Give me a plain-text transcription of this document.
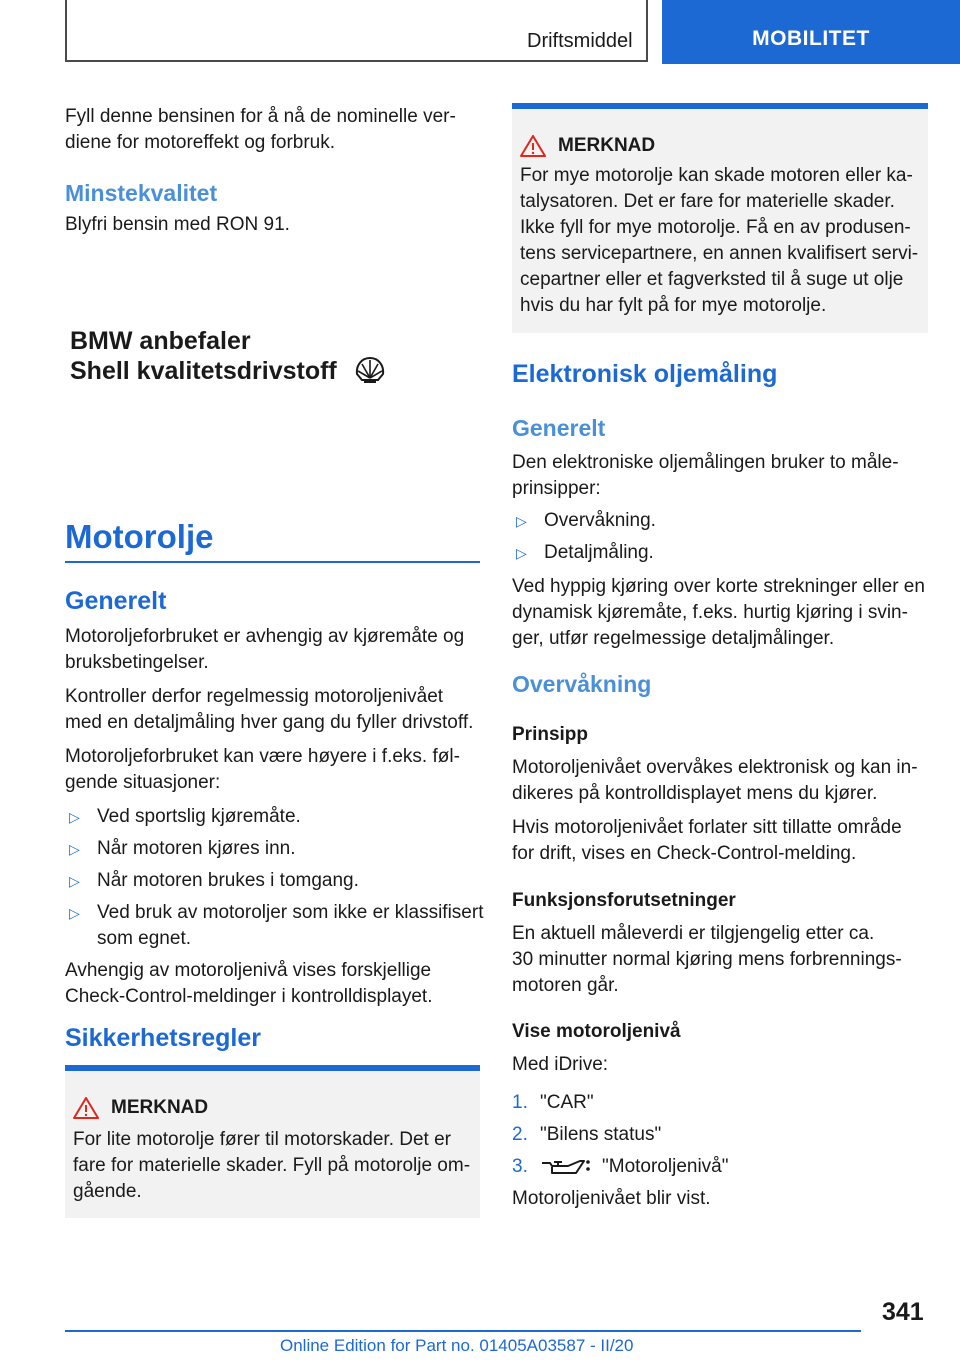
Driftsmiddel	MOBILITET

Fyll denne bensinen for å nå de nominelle ver-

diene for motoreffekt og forbruk.

Minstekvalitet

Blyfri bensin med RON 91.

BMW anbefaler
Shell kvalitetsdrivstoff
Motorolje
Generelt

Motoroljeforbruket er avhengig av kjøremåte og

bruksbetingelser.

Kontroller derfor regelmessig motoroljenivået

med en detaljmåling hver gang du fyller drivstoff.

Motoroljeforbruket kan være høyere i f.eks. føl-

gende situasjoner:

▷ Ved sportslig kjøremåte.
▷ Når motoren kjøres inn.
▷ Når motoren brukes i tomgang.
▷ Ved bruk av motoroljer som ikke er klassifisert som egnet.

Avhengig av motoroljenivå vises forskjellige

Check-Control-meldinger i kontrolldisplayet.

Sikkerhetsregler
MERKNAD

For lite motorolje fører til motorskader. Det er

fare for materielle skader. Fyll på motorolje om-

gående.

MERKNAD

For mye motorolje kan skade motoren eller ka-

talysatoren. Det er fare for materielle skader.

Ikke fyll for mye motorolje. Få en av produsen-

tens servicepartnere, en annen kvalifisert servi-

cepartner eller et fagverksted til å suge ut olje

hvis du har fylt på for mye motorolje.

Elektronisk oljemåling
Generelt

Den elektroniske oljemålingen bruker to måle-

prinsipper:

▷ Overvåkning.
▷ Detaljmåling.

Ved hyppig kjøring over korte strekninger eller en

dynamisk kjøremåte, f.eks. hurtig kjøring i svin-

ger, utfør regelmessige detaljmålinger.

Overvåkning
Prinsipp

Motoroljenivået overvåkes elektronisk og kan in-

dikeres på kontrolldisplayet mens du kjører.

Hvis motoroljenivået forlater sitt tillatte område

for drift, vises en Check-Control-melding.

Funksjonsforutsetninger

En aktuell måleverdi er tilgjengelig etter ca.

30 minutter normal kjøring mens forbrennings-

motoren går.

Vise motoroljenivå

Med iDrive:

1. "CAR"
2. "Bilens status"
3.	"Motoroljenivå"

Motoroljenivået blir vist.

341
Online Edition for Part no. 01405A03587 - II/20
